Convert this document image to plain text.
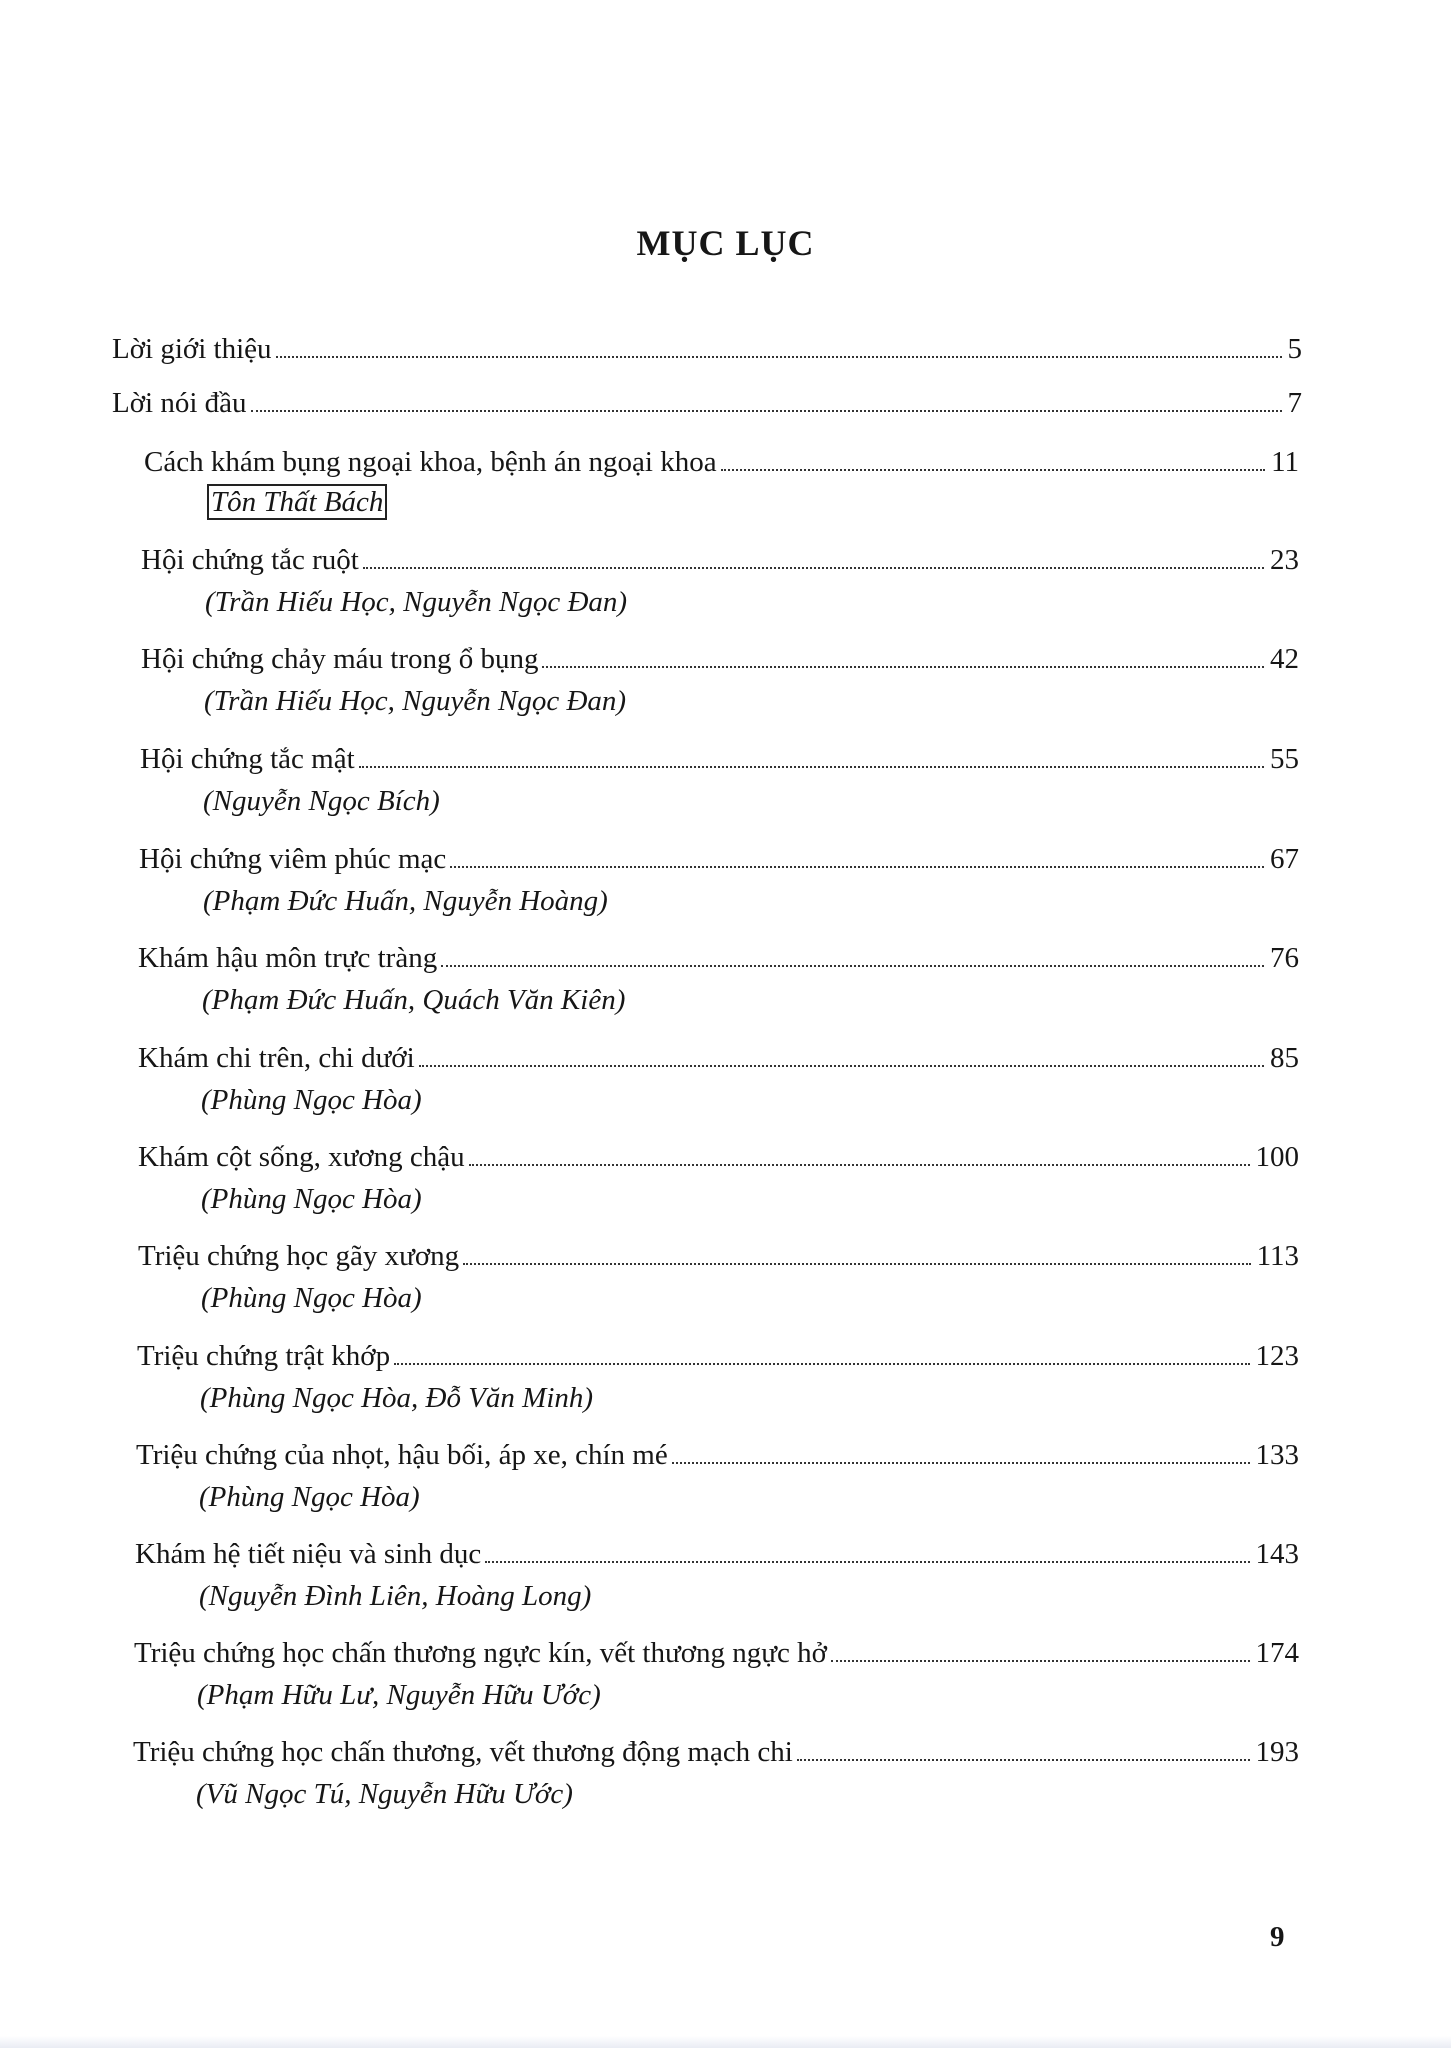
MỤC LỤC
Lời giới thiệu	5
Lời nói đầu	7
Cách khám bụng ngoại khoa, bệnh án ngoại khoa	11
Tôn Thất Bách
Hội chứng tắc ruột	23
(Trần Hiếu Học, Nguyễn Ngọc Đan)
Hội chứng chảy máu trong ổ bụng	42
(Trần Hiếu Học, Nguyễn Ngọc Đan)
Hội chứng tắc mật	55
(Nguyễn Ngọc Bích)
Hội chứng viêm phúc mạc	67
(Phạm Đức Huấn, Nguyễn Hoàng)
Khám hậu môn trực tràng	76
(Phạm Đức Huấn, Quách Văn Kiên)
Khám chi trên, chi dưới	85
(Phùng Ngọc Hòa)
Khám cột sống, xương chậu	100
(Phùng Ngọc Hòa)
Triệu chứng học gãy xương	113
(Phùng Ngọc Hòa)
Triệu chứng trật khớp	123
(Phùng Ngọc Hòa, Đỗ Văn Minh)
Triệu chứng của nhọt, hậu bối, áp xe, chín mé	133
(Phùng Ngọc Hòa)
Khám hệ tiết niệu và sinh dục	143
(Nguyễn Đình Liên, Hoàng Long)
Triệu chứng học chấn thương ngực kín, vết thương ngực hở	174
(Phạm Hữu Lư, Nguyễn Hữu Ước)
Triệu chứng học chấn thương, vết thương động mạch chi	193
(Vũ Ngọc Tú, Nguyễn Hữu Ước)
9
